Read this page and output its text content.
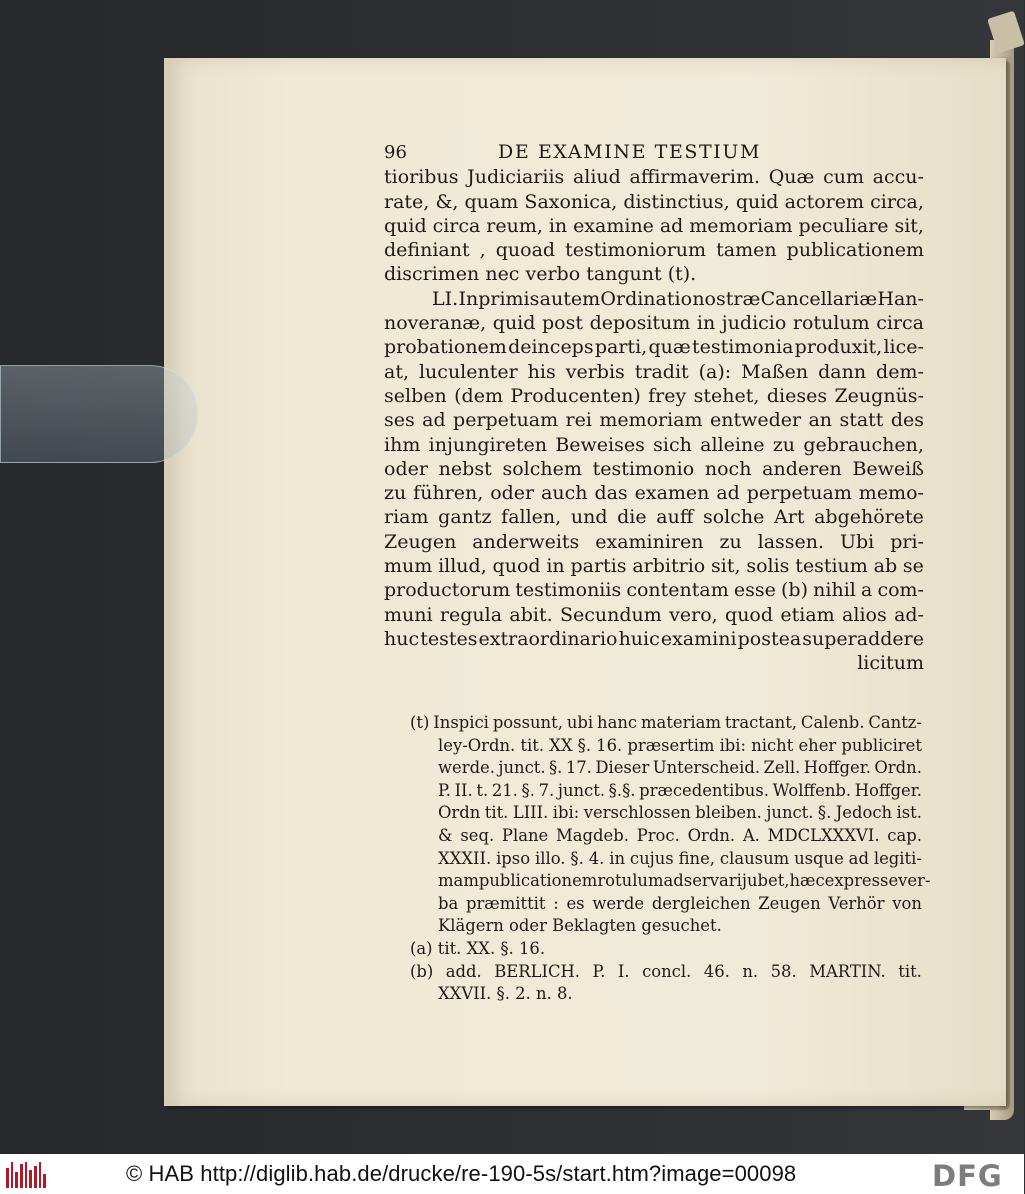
96	DE EXAMINE TESTIUM
tioribus Judiciariis aliud affirmaverim. Quæ cum accu-
rate, &, quam Saxonica, distinctius, quid actorem circa,
quid circa reum, in examine ad memoriam peculiare sit,
definiant , quoad testimoniorum tamen publicationem
discrimen nec verbo tangunt (t).
LI. Inprimis autem Ordinatio nostræ Cancellariæ Han-
noveranæ, quid post depositum in judicio rotulum circa
probationem deinceps parti, quæ testimonia produxit, lice-
at, luculenter his verbis tradit (a): Maßen dann dem-
selben (dem Producenten) frey stehet, dieses Zeugnüs-
ses ad perpetuam rei memoriam entweder an statt des
ihm injungireten Beweises sich alleine zu gebrauchen,
oder nebst solchem testimonio noch anderen Beweiß
zu führen, oder auch das examen ad perpetuam memo-
riam gantz fallen, und die auff solche Art abgehörete
Zeugen anderweits examiniren zu lassen. Ubi pri-
mum illud, quod in partis arbitrio sit, solis testium ab se
productorum testimoniis contentam esse (b) nihil a com-
muni regula abit. Secundum vero, quod etiam alios ad-
huc testes extraordinario huic examini postea superaddere
licitum
(t) Inspici possunt, ubi hanc materiam tractant, Calenb. Cantz-
ley-Ordn. tit. XX §. 16. præsertim ibi: nicht eher publiciret
werde. junct. §. 17. Dieser Unterscheid. Zell. Hoffger. Ordn.
P. II. t. 21. §. 7. junct. §.§. præcedentibus. Wolffenb. Hoffger.
Ordn tit. LIII. ibi: verschlossen bleiben. junct. §. Jedoch ist.
& seq. Plane Magdeb. Proc. Ordn. A. MDCLXXXVI. cap.
XXXII. ipso illo. §. 4. in cujus fine, clausum usque ad legiti-
mam publicationem rotulum adservari jubet, hæc expresse ver-
ba præmittit : es werde dergleichen Zeugen Verhör von
Klägern oder Beklagten gesuchet.
(a) tit. XX. §. 16.
(b) add. BERLICH. P. I. concl. 46. n. 58. MARTIN. tit.
XXVII. §. 2. n. 8.
© HAB http://diglib.hab.de/drucke/re-190-5s/start.htm?image=00098	DFG
